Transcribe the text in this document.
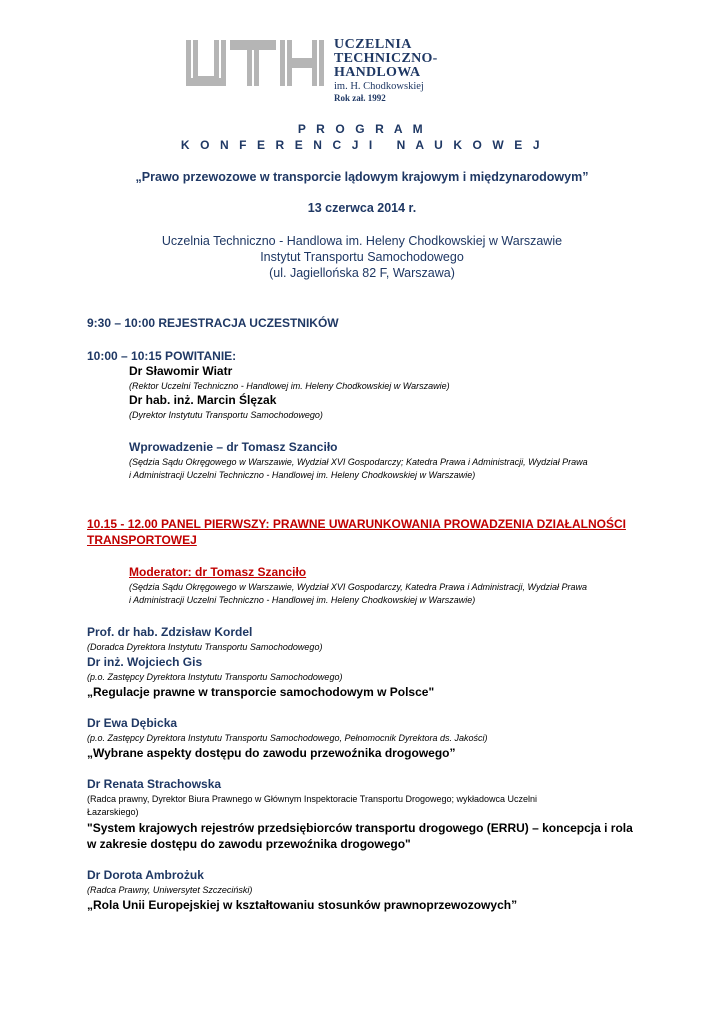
UCZELNIA
TECHNICZNO-HANDLOWA
im. H. Chodkowskiej
Rok zał. 1992
P R O G R A M
K O N F E R E N C J I   N A U K O W E J
„Prawo przewozowe w transporcie lądowym krajowym i międzynarodowym”
13 czerwca 2014 r.
Uczelnia Techniczno - Handlowa im. Heleny Chodkowskiej w Warszawie
Instytut Transportu Samochodowego
(ul. Jagiellońska 82 F, Warszawa)
9:30 – 10:00 REJESTRACJA UCZESTNIKÓW
10:00 – 10:15 POWITANIE:
Dr Sławomir Wiatr
(Rektor Uczelni Techniczno - Handlowej im. Heleny Chodkowskiej w Warszawie)
Dr hab. inż. Marcin Ślęzak
(Dyrektor Instytutu Transportu Samochodowego)
Wprowadzenie – dr Tomasz Szanciło
(Sędzia Sądu Okręgowego w Warszawie, Wydział XVI Gospodarczy; Katedra Prawa i Administracji, Wydział Prawa
i Administracji Uczelni Techniczno - Handlowej im. Heleny Chodkowskiej w Warszawie)
10.15 - 12.00 PANEL PIERWSZY: PRAWNE UWARUNKOWANIA PROWADZENIA DZIAŁALNOŚCI
TRANSPORTOWEJ
Moderator: dr Tomasz Szanciło
(Sędzia Sądu Okręgowego w Warszawie, Wydział XVI Gospodarczy, Katedra Prawa i Administracji, Wydział Prawa
i Administracji Uczelni Techniczno - Handlowej im. Heleny Chodkowskiej w Warszawie)
Prof. dr hab. Zdzisław Kordel
(Doradca Dyrektora Instytutu Transportu Samochodowego)
Dr inż. Wojciech Gis
(p.o. Zastępcy Dyrektora Instytutu Transportu Samochodowego)
„Regulacje prawne w transporcie samochodowym w Polsce"
Dr Ewa Dębicka
(p.o. Zastępcy Dyrektora Instytutu Transportu Samochodowego, Pełnomocnik Dyrektora ds. Jakości)
„Wybrane aspekty dostępu do zawodu przewoźnika drogowego”
Dr Renata Strachowska
(Radca prawny, Dyrektor Biura Prawnego w Głównym Inspektoracie Transportu Drogowego; wykładowca Uczelni
Łazarskiego)
"System krajowych rejestrów przedsiębiorców transportu drogowego (ERRU) – koncepcja i rola
w zakresie dostępu do zawodu przewoźnika drogowego"
Dr Dorota Ambrożuk
(Radca Prawny, Uniwersytet Szczeciński)
„Rola Unii Europejskiej w kształtowaniu stosunków prawnoprzewozowych”
